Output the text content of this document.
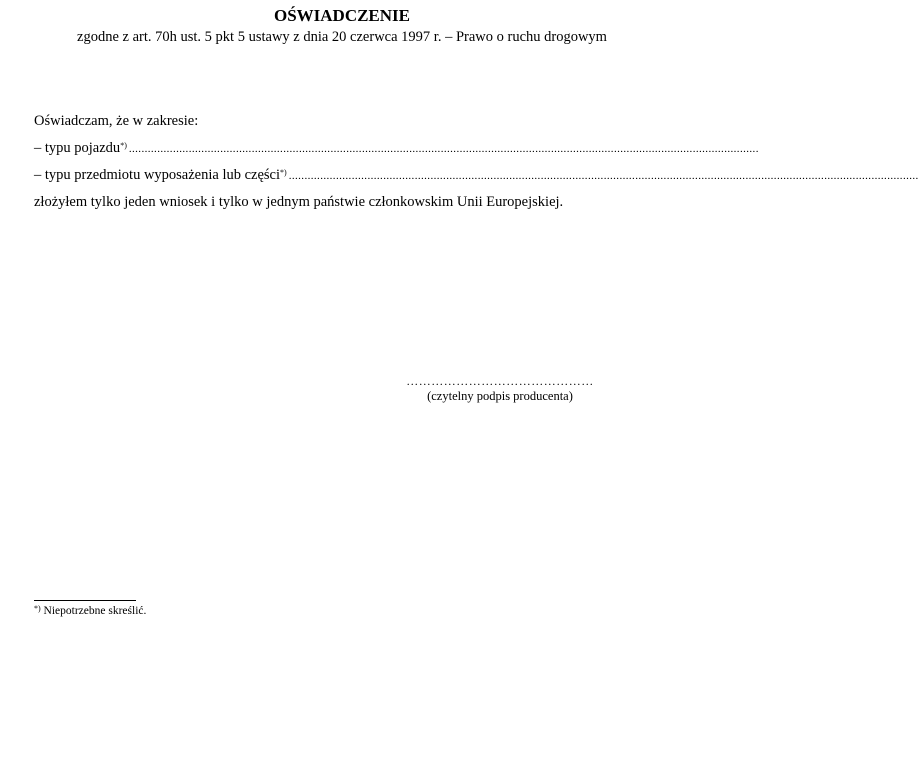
OŚWIADCZENIE
zgodne z art. 70h ust. 5 pkt 5 ustawy z dnia 20 czerwca 1997 r. – Prawo o ruchu drogowym
Oświadczam, że w zakresie:
– typu pojazdu*) ........................................................................................................................................................................................................
– typu przedmiotu wyposażenia lub części*) ........................................................................................................................................................................................................
złożyłem tylko jeden wniosek i tylko w jednym państwie członkowskim Unii Europejskiej.
………………………………………
(czytelny podpis producenta)
*) Niepotrzebne skreślić.
